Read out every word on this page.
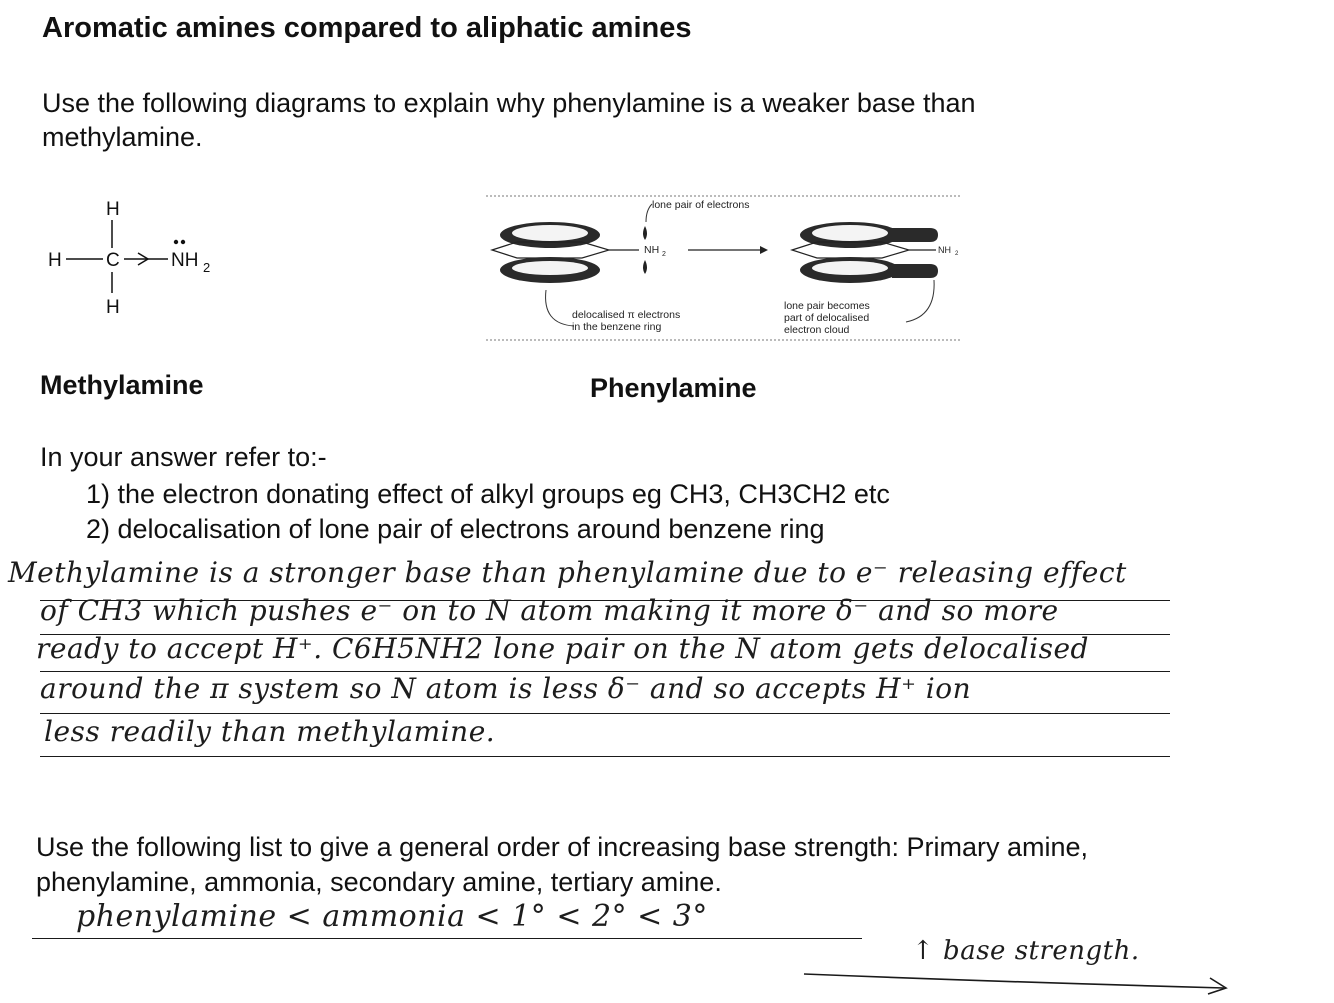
Aromatic amines compared to aliphatic amines
Use the following diagrams to explain why phenylamine is a weaker base than methylamine.
H
H C
H
NH 2
NH 2
lone pair of electrons
NH 2
delocalised π electrons
in the benzene ring
lone pair becomes
part of delocalised
electron cloud
Methylamine	Phenylamine
In your answer refer to:-
1) the electron donating effect of alkyl groups eg CH3, CH3CH2 etc
2) delocalisation of lone pair of electrons around benzene ring
Methylamine is a stronger base than phenylamine due to e⁻ releasing effect
of CH3 which pushes e⁻ on to N atom making it more δ⁻ and so more
ready to accept H⁺. C6H5NH2 lone pair on the N atom gets delocalised
around the π system so N atom is less δ⁻ and so accepts H⁺ ion
less readily than methylamine.
Use the following list to give a general order of increasing base strength: Primary amine, phenylamine, ammonia, secondary amine, tertiary amine.
phenylamine < ammonia < 1° < 2° < 3°
↑ base strength.
